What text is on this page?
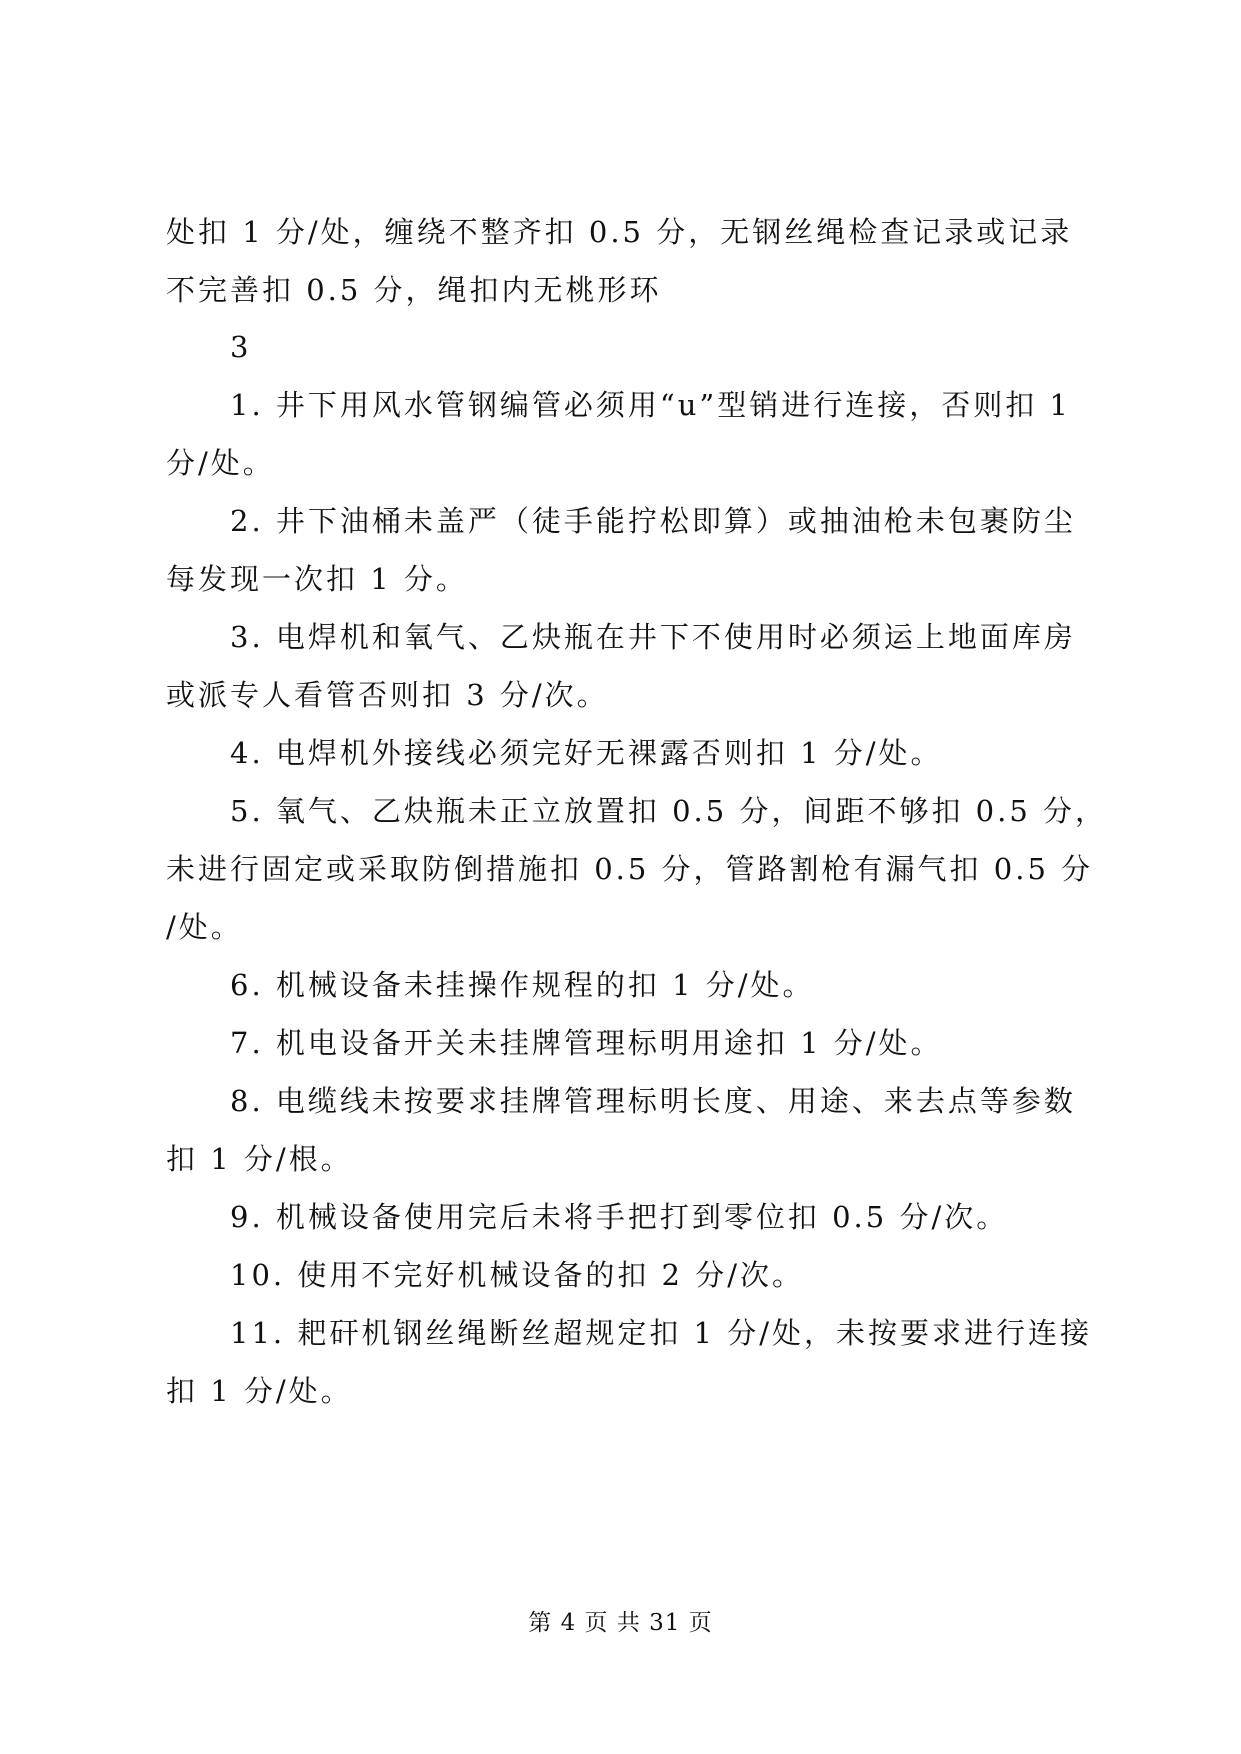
处扣 1 分/处，缠绕不整齐扣 0.5 分，无钢丝绳检查记录或记录
不完善扣 0.5 分，绳扣内无桃形环
3
1. 井下用风水管钢编管必须用“u”型销进行连接，否则扣 1
分/处。
2. 井下油桶未盖严（徒手能拧松即算）或抽油枪未包裹防尘
每发现一次扣 1 分。
3. 电焊机和氧气、乙炔瓶在井下不使用时必须运上地面库房
或派专人看管否则扣 3 分/次。
4. 电焊机外接线必须完好无裸露否则扣 1 分/处。
5. 氧气、乙炔瓶未正立放置扣 0.5 分，间距不够扣 0.5 分，
未进行固定或采取防倒措施扣 0.5 分，管路割枪有漏气扣 0.5 分
/处。
6. 机械设备未挂操作规程的扣 1 分/处。
7. 机电设备开关未挂牌管理标明用途扣 1 分/处。
8. 电缆线未按要求挂牌管理标明长度、用途、来去点等参数
扣 1 分/根。
9. 机械设备使用完后未将手把打到零位扣 0.5 分/次。
10. 使用不完好机械设备的扣 2 分/次。
11. 耙矸机钢丝绳断丝超规定扣 1 分/处，未按要求进行连接
扣 1 分/处。
第 4 页 共 31 页
